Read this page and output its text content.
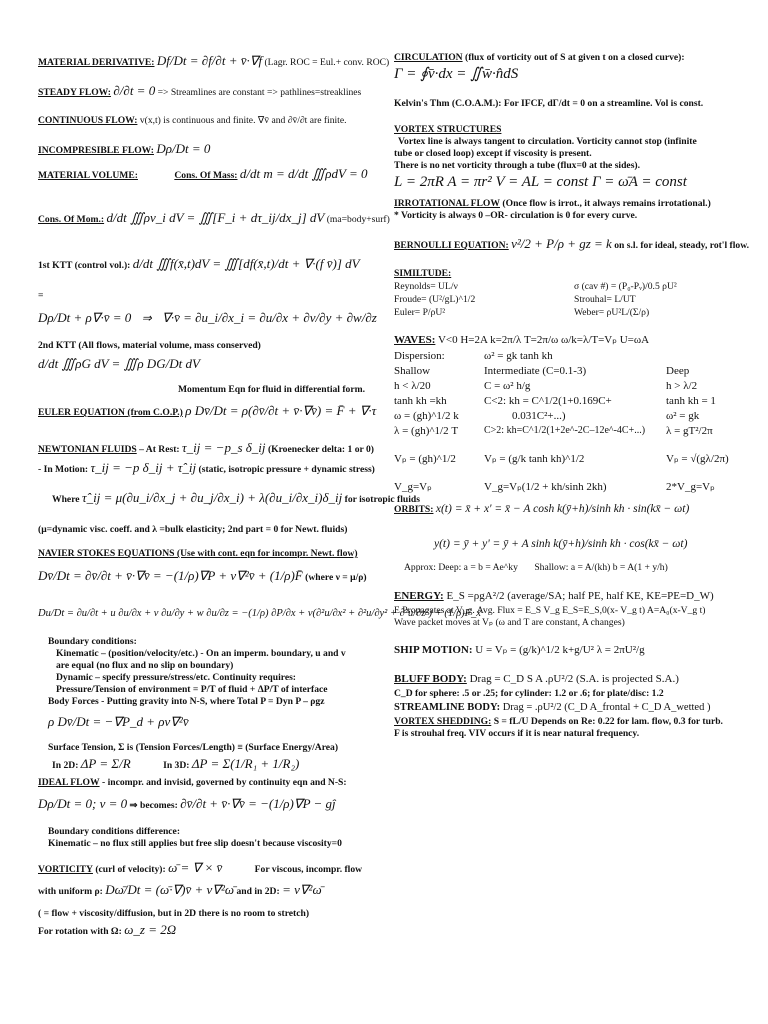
MATERIAL DERIVATIVE: Df/Dt = ∂f/∂t + v̄·∇f (Lagr. ROC = Eul.+ conv. ROC)
STEADY FLOW: ∂/∂t = 0 => Streamlines are constant => pathlines=streaklines
CONTINUOUS FLOW: v(x,t) is continuous and finite. ∇v̄ and ∂v̄/∂t are finite.
INCOMPRESIBLE FLOW: Dρ/Dt = 0
MATERIAL VOLUME:	Cons. Of Mass: d/dt m = d/dt ∭ρdV = 0
Cons. Of Mom.: d/dt ∭ρv_i dV = ∭[F_i + dτ_ij/dx_j] dV (ma=body+surf)
1st KTT (control vol.): d/dt ∭f(x̄,t)dV = ∭[df(x̄,t)/dt + ∇·(f v̄)] dV
=
Dρ/Dt + ρ∇·v̄ = 0 ⇒ ∇·v̄ = ∂u_i/∂x_i = ∂u/∂x + ∂v/∂y + ∂w/∂z
2nd KTT (All flows, material volume, mass conserved)
d/dt ∭ρG dV = ∭ρ DG/Dt dV
Momentum Eqn for fluid in differential form.
EULER EQUATION (from C.O.P.) ρ Dv̄/Dt = ρ(∂v̄/∂t + v̄·∇v̄) = F̄ + ∇·τ
NEWTONIAN FLUIDS – At Rest: τ_ij = −p_s δ_ij (Kroenecker delta: 1 or 0)
- In Motion: τ_ij = −p δ_ij + τ̂_ij (static, isotropic pressure + dynamic stress)
Where τ̂_ij = μ(∂u_i/∂x_j + ∂u_j/∂x_i) + λ(∂u_i/∂x_i)δ_ij for isotropic fluids
(μ=dynamic visc. coeff. and λ =bulk elasticity; 2nd part = 0 for Newt. fluids)
NAVIER STOKES EQUATIONS (Use with cont. eqn for incompr. Newt. flow)
Dv̄/Dt = ∂v̄/∂t + v̄·∇v̄ = −(1/ρ)∇P + ν∇²v̄ + (1/ρ)F̄ (where ν = μ/ρ)
Du/Dt = ∂u/∂t + u ∂u/∂x + v ∂u/∂y + w ∂u/∂z = −(1/ρ) ∂P/∂x + ν(∂²u/∂x² + ∂²u/∂y² + ∂²u/∂z²) + (1/ρ)F_x
Boundary conditions:
Kinematic – (position/velocity/etc.) - On an imperm. boundary, u and v
are equal (no flux and no slip on boundary)
Dynamic – specify pressure/stress/etc. Continuity requires:
Pressure/Tension of environment = P/T of fluid + ΔP/T of interface
Body Forces - Putting gravity into N-S, where Total P = Dyn P – ρgz
ρ Dv̄/Dt = −∇P_d + ρν∇²v̄
Surface Tension, Σ is (Tension Forces/Length) ≡ (Surface Energy/Area)
In 2D: ΔP = Σ/R	In 3D: ΔP = Σ(1/R₁ + 1/R₂)
IDEAL FLOW - incompr. and invisid, governed by continuity eqn and N-S:
Dρ/Dt = 0; ν = 0 ⇒ becomes: ∂v̄/∂t + v̄·∇v̄ = −(1/ρ)∇P − gĵ
Boundary conditions difference:
Kinematic – no flux still applies but free slip doesn't because viscosity=0
VORTICITY (curl of velocity): ω̄ = ∇ × v̄	For viscous, incompr. flow
with uniform ρ: Dω̄/Dt = (ω̄·∇)v̄ + ν∇²ω̄ and in 2D: = ν∇²ω̄
( = flow + viscosity/diffusion, but in 2D there is no room to stretch)
For rotation with Ω: ω_z = 2Ω
CIRCULATION (flux of vorticity out of S at given t on a closed curve):
Γ = ∮v̄·dx = ∬w̄·n̂dS
Kelvin's Thm (C.O.A.M.): For IFCF, dΓ/dt = 0 on a streamline. Vol is const.
VORTEX STRUCTURES
Vortex line is always tangent to circulation. Vorticity cannot stop (infinite
tube or closed loop) except if viscosity is present.
There is no net vorticity through a tube (flux=0 at the sides).
L = 2πR A = πr² V = AL = const Γ = ω̄A = const
IRROTATIONAL FLOW (Once flow is irrot., it always remains irrotational.)
* Vorticity is always 0 –OR- circulation is 0 for every curve.
BERNOULLI EQUATION: v²/2 + P/ρ + gz = k on s.l. for ideal, steady, rot'l flow.
SIMILTUDE:
Reynolds= UL/ν	σ (cav #) = (P₀-Pᵥ)/0.5 ρU²
Froude= (U²/gL)^1/2	Strouhal= L/UT
Euler= P/ρU²	Weber= ρU²L/(Σ/ρ)
WAVES: V<0 H=2A k=2π/λ T=2π/ω ω/k=λ/T=Vₚ U=ωA
Dispersion:	ω² = gk tanh kh
Shallow	Intermediate (C=0.1-3)	Deep
h < λ/20	C = ω² h/g	h > λ/2
tanh kh =kh	C<2: kh = C^1/2(1+0.169C+	tanh kh = 1
ω = (gh)^1/2 k	0.031C²+...)	ω² = gk
λ = (gh)^1/2 T	C>2: kh=C^1/2(1+2e^-2C–12e^-4C+...) λ = gT²/2π
Vₚ = (gh)^1/2	Vₚ = (g/k tanh kh)^1/2	Vₚ = √(gλ/2π)
V_g=Vₚ	V_g=Vₚ(1/2 + kh/sinh 2kh)	2*V_g=Vₚ
ORBITS: x(t) = x̄ + x' = x̄ − A cosh k(ȳ+h)/sinh kh · sin(kx̄ − ωt)
y(t) = ȳ + y' = ȳ + A sinh k(ȳ+h)/sinh kh · cos(kx̄ − ωt)
Approx: Deep: a = b = Ae^ky Shallow: a = A/(kh) b = A(1 + y/h)
ENERGY: E_S =ρgA²/2 (average/SA; half PE, half KE, KE=PE=D_W)
E Propagates at V_g. Avg. Flux = E_S V_g E_S=E_S,0(x- V_g t) A=A₀(x-V_g t)
Wave packet moves at Vₚ (ω and T are constant, A changes)
SHIP MOTION: U = Vₚ = (g/k)^1/2 k+g/U² λ = 2πU²/g
BLUFF BODY: Drag = C_D S A .ρU²/2 (S.A. is projected S.A.)
C_D for sphere: .5 or .25; for cylinder: 1.2 or .6; for plate/disc: 1.2
STREAMLINE BODY: Drag = .ρU²/2 (C_D A_frontal + C_D A_wetted )
VORTEX SHEDDING: S = fL/U Depends on Re: 0.22 for lam. flow, 0.3 for turb.
F is strouhal freq. VIV occurs if it is near natural frequency.
